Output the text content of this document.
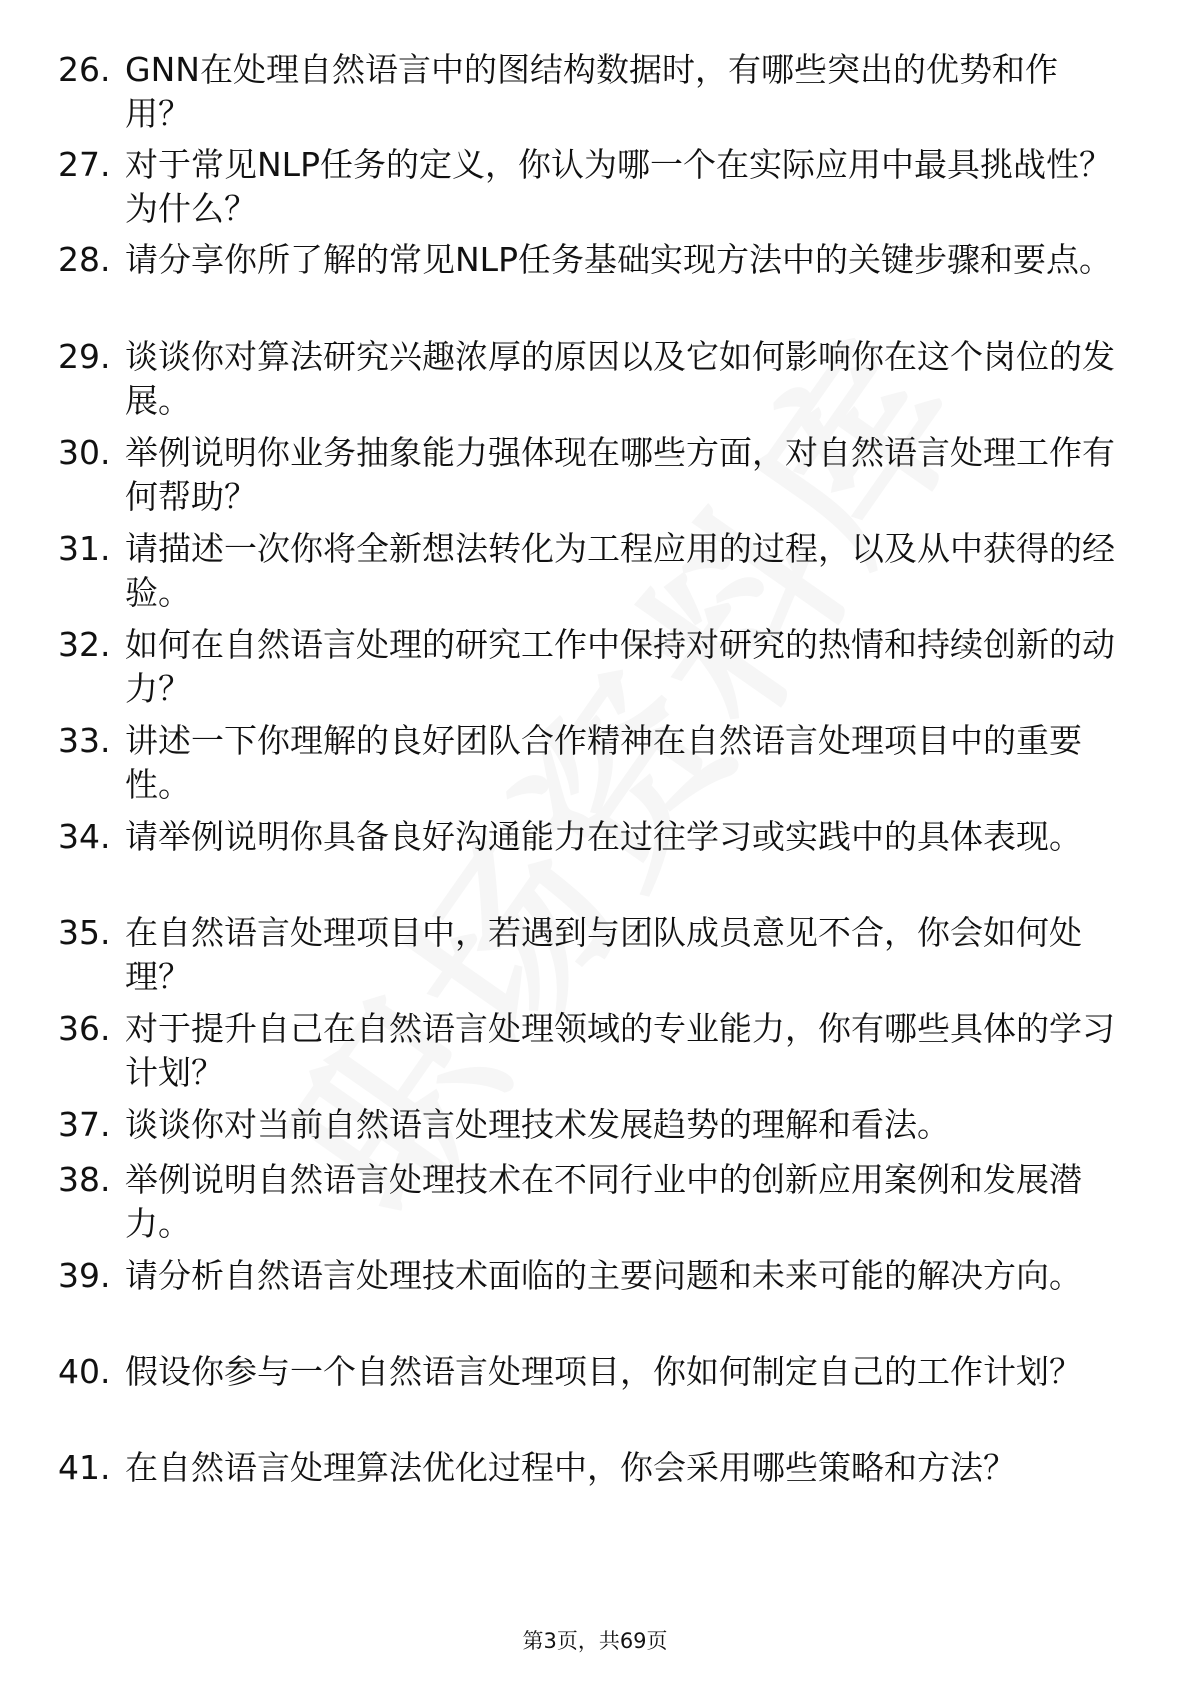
26. GNN在处理自然语言中的图结构数据时，有哪些突出的优势和作用？
27. 对于常见NLP任务的定义，你认为哪一个在实际应用中最具挑战性？为什么？
28. 请分享你所了解的常见NLP任务基础实现方法中的关键步骤和要点。
29. 谈谈你对算法研究兴趣浓厚的原因以及它如何影响你在这个岗位的发展。
30. 举例说明你业务抽象能力强体现在哪些方面，对自然语言处理工作有何帮助？
31. 请描述一次你将全新想法转化为工程应用的过程，以及从中获得的经验。
32. 如何在自然语言处理的研究工作中保持对研究的热情和持续创新的动力？
33. 讲述一下你理解的良好团队合作精神在自然语言处理项目中的重要性。
34. 请举例说明你具备良好沟通能力在过往学习或实践中的具体表现。
35. 在自然语言处理项目中，若遇到与团队成员意见不合，你会如何处理？
36. 对于提升自己在自然语言处理领域的专业能力，你有哪些具体的学习计划？
37. 谈谈你对当前自然语言处理技术发展趋势的理解和看法。
38. 举例说明自然语言处理技术在不同行业中的创新应用案例和发展潜力。
39. 请分析自然语言处理技术面临的主要问题和未来可能的解决方向。
40. 假设你参与一个自然语言处理项目，你如何制定自己的工作计划？
41. 在自然语言处理算法优化过程中，你会采用哪些策略和方法？
第3页，共69页
